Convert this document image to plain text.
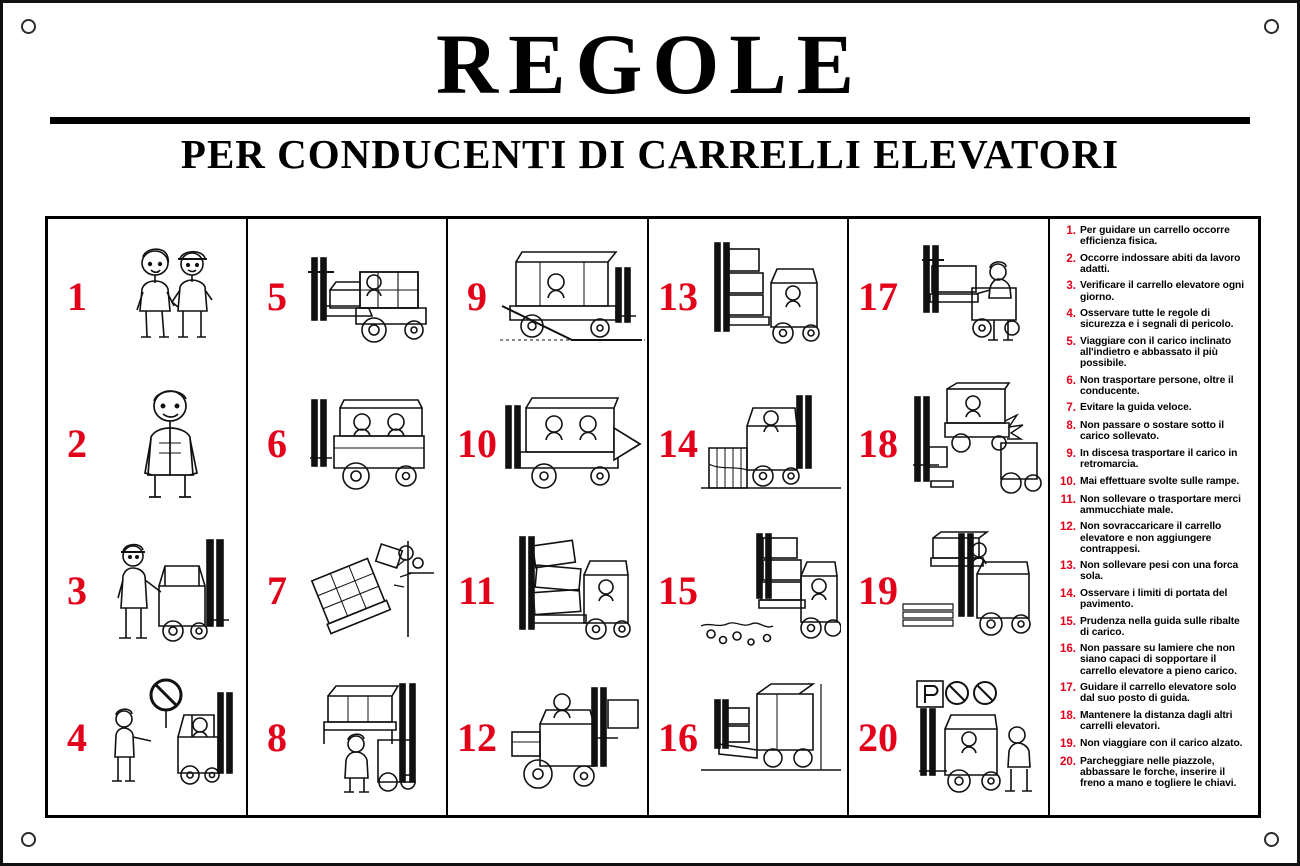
REGOLE
PER CONDUCENTI DI CARRELLI ELEVATORI
1
2
3
4
5
6
7
8
9
10
11
12
13
14
15
16
17
18
19
20
1. Per guidare un carrello occorre efficienza fisica.
2. Occorre indossare abiti da lavoro adatti.
3. Verificare il carrello elevatore ogni giorno.
4. Osservare tutte le regole di sicurezza e i segnali di pericolo.
5. Viaggiare con il carico inclinato all'indietro e abbassato il più possibile.
6. Non trasportare persone, oltre il conducente.
7. Evitare la guida veloce.
8. Non passare o sostare sotto il carico sollevato.
9. In discesa trasportare il carico in retromarcia.
10. Mai effettuare svolte sulle rampe.
11. Non sollevare o trasportare merci ammucchiate male.
12. Non sovraccaricare il carrello elevatore e non aggiungere contrappesi.
13. Non sollevare pesi con una forca sola.
14. Osservare i limiti di portata del pavimento.
15. Prudenza nella guida sulle ribalte di carico.
16. Non passare su lamiere che non siano capaci di sopportare il carrello elevatore a pieno carico.
17. Guidare il carrello elevatore solo dal suo posto di guida.
18. Mantenere la distanza dagli altri carrelli elevatori.
19. Non viaggiare con il carico alzato.
20. Parcheggiare nelle piazzole, abbassare le forche, inserire il freno a mano e togliere le chiavi.
